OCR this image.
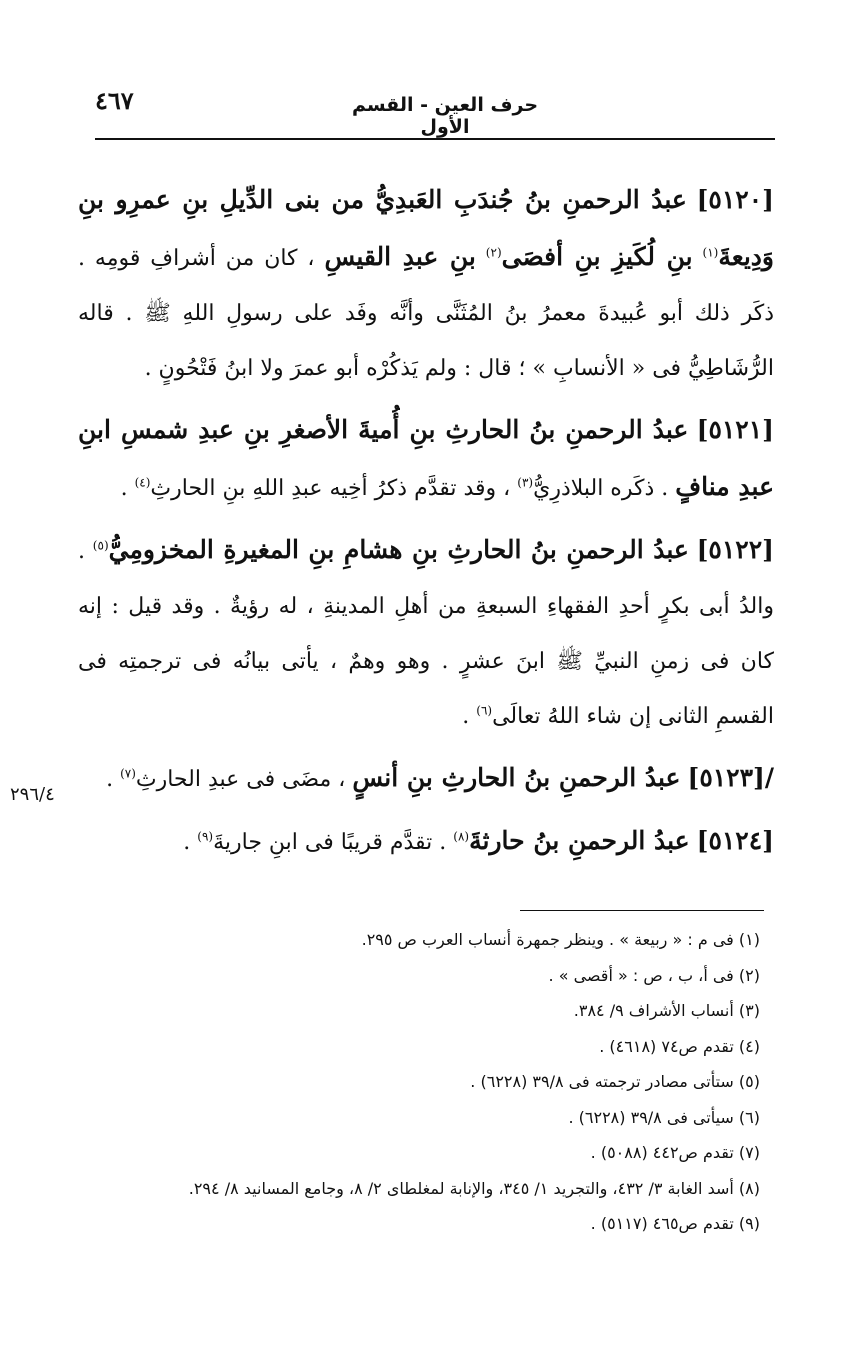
٤٦٧	حرف العين - القسم الأول
[٥١٢٠] عبدُ الرحمنِ بنُ جُندَبِ العَبدِيُّ من بنى الدِّيلِ بنِ عمرِو بنِ وَدِيعةَ$^{(١)}$ بنِ لُكَيزِ بنِ أفصَى$^{(٢)}$ بنِ عبدِ القيسِ ، كان من أشرافِ قومِه . ذكَر ذلك أبو عُبيدةَ معمرُ بنُ المُثَنَّى وأنَّه وفَد على رسولِ اللهِ ﷺ . قاله الرُّشَاطِيُّ فى « الأنسابِ » ؛ قال : ولم يَذكُرْه أبو عمرَ ولا ابنُ فَتْحُونٍ .
[٥١٢١] عبدُ الرحمنِ بنُ الحارثِ بنِ أُميةَ الأصغرِ بنِ عبدِ شمسِ ابنِ عبدِ منافٍ . ذكَره البلاذرِيُّ$^{(٣)}$ ، وقد تقدَّم ذكرُ أخِيه عبدِ اللهِ بنِ الحارثِ$^{(٤)}$ .
[٥١٢٢] عبدُ الرحمنِ بنُ الحارثِ بنِ هشامِ بنِ المغيرةِ المخزومِيُّ$^{(٥)}$ . والدُ أبى بكرٍ أحدِ الفقهاءِ السبعةِ من أهلِ المدينةِ ، له رؤيةٌ . وقد قيل : إنه كان فى زمنِ النبيِّ ﷺ ابنَ عشرٍ . وهو وهمٌ ، يأتى بيانُه فى ترجمتِه فى القسمِ الثانى إن شاء اللهُ تعالَى$^{(٦)}$ .
/[٥١٢٣] عبدُ الرحمنِ بنُ الحارثِ بنِ أنسٍ ، مضَى فى عبدِ الحارثِ$^{(٧)}$ .
[٥١٢٤] عبدُ الرحمنِ بنُ حارثةَ$^{(٨)}$ . تقدَّم قريبًا فى ابنِ جاريةَ$^{(٩)}$ .
٢٩٦/٤
(١) فى م : « ربيعة » . وينظر جمهرة أنساب العرب ص ٢٩٥.
(٢) فى أ، ب ، ص : « أقصى » .
(٣) أنساب الأشراف ٩/ ٣٨٤.
(٤) تقدم ص٧٤ (٤٦١٨) .
(٥) ستأتى مصادر ترجمته فى ٣٩/٨ (٦٢٢٨) .
(٦) سيأتى فى ٣٩/٨ (٦٢٢٨) .
(٧) تقدم ص٤٤٢ (٥٠٨٨) .
(٨) أسد الغابة ٣/ ٤٣٢، والتجريد ١/ ٣٤٥، والإنابة لمغلطاى ٢/ ٨، وجامع المسانيد ٨/ ٢٩٤.
(٩) تقدم ص٤٦٥ (٥١١٧) .
